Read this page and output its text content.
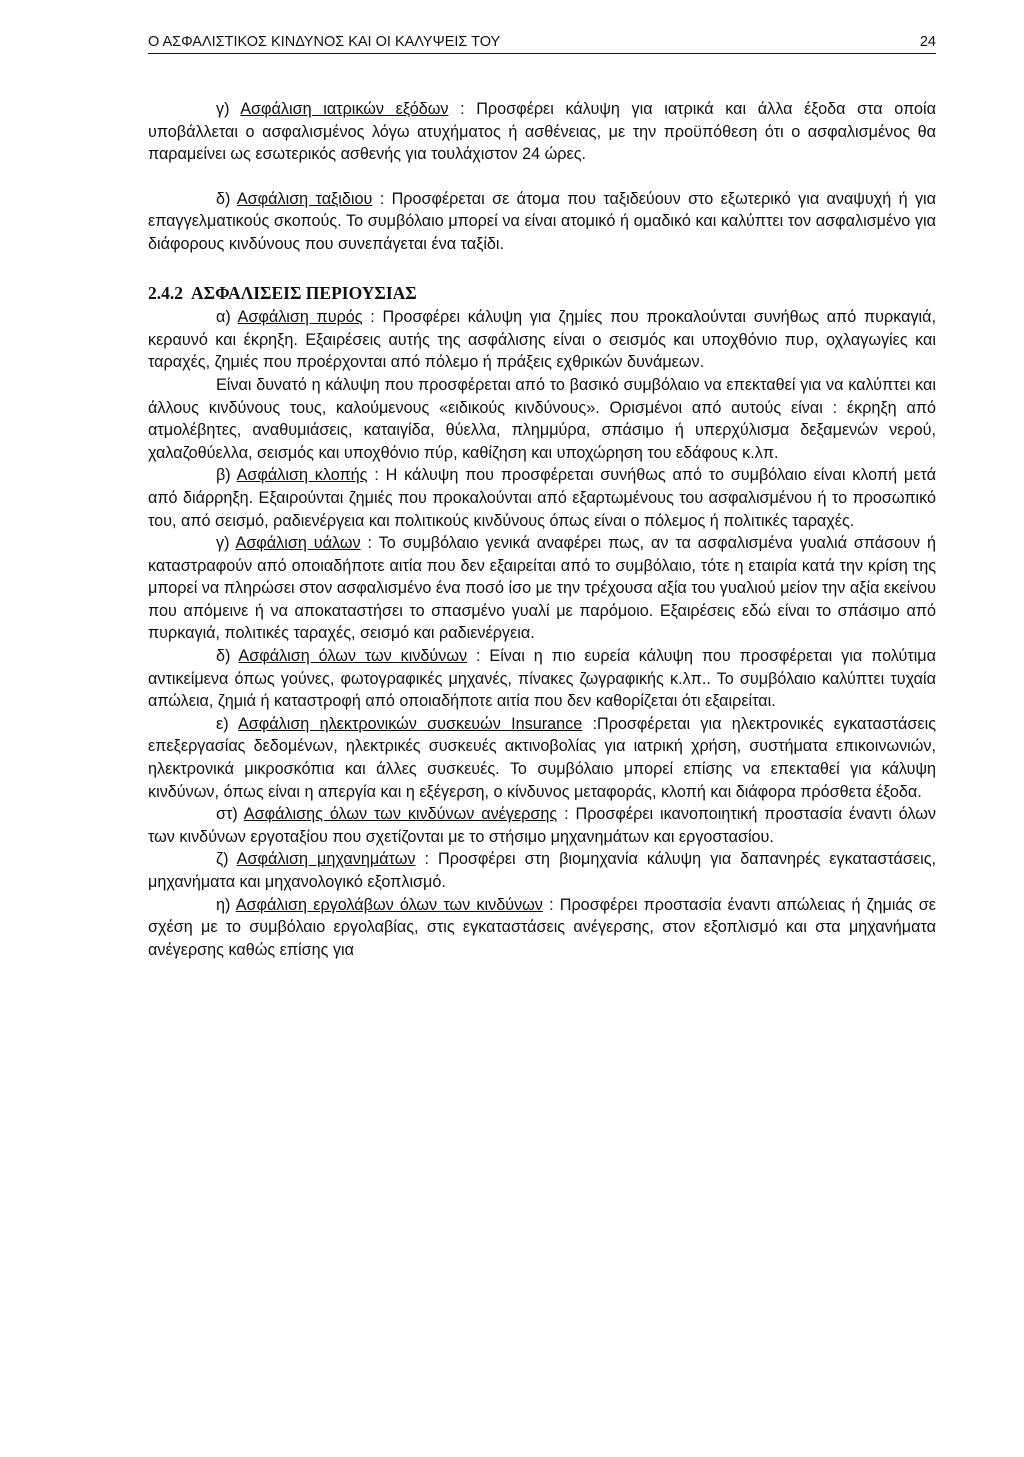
Ο ΑΣΦΑΛΙΣΤΙΚΟΣ ΚΙΝΔΥΝΟΣ ΚΑΙ ΟΙ ΚΑΛΥΨΕΙΣ ΤΟΥ	24

γ) Ασφάλιση ιατρικών εξόδων : Προσφέρει κάλυψη για ιατρικά και άλλα έξοδα στα οποία υποβάλλεται ο ασφαλισμένος λόγω ατυχήματος ή ασθένειας, με την προϋπόθεση ότι ο ασφαλισμένος θα παραμείνει ως εσωτερικός ασθενής για τουλάχιστον 24 ώρες.

δ) Ασφάλιση ταξιδιου : Προσφέρεται σε άτομα που ταξιδεύουν στο εξωτερικό για αναψυχή ή για επαγγελματικούς σκοπούς. Το συμβόλαιο μπορεί να είναι ατομικό ή ομαδικό και καλύπτει τον ασφαλισμένο για διάφορους κινδύνους που συνεπάγεται ένα ταξίδι.

2.4.2 ΑΣΦΑΛΙΣΕΙΣ ΠΕΡΙΟΥΣΙΑΣ

α) Ασφάλιση πυρός : Προσφέρει κάλυψη για ζημίες που προκαλούνται συνήθως από πυρκαγιά, κεραυνό και έκρηξη. Εξαιρέσεις αυτής της ασφάλισης είναι ο σεισμός και υποχθόνιο πυρ, οχλαγωγίες και ταραχές, ζημιές που προέρχονται από πόλεμο ή πράξεις εχθρικών δυνάμεων.

Είναι δυνατό η κάλυψη που προσφέρεται από το βασικό συμβόλαιο να επεκταθεί για να καλύπτει και άλλους κινδύνους τους, καλούμενους «ειδικούς κινδύνους». Ορισμένοι από αυτούς είναι : έκρηξη από ατμολέβητες, αναθυμιάσεις, καταιγίδα, θύελλα, πλημμύρα, σπάσιμο ή υπερχύλισμα δεξαμενών νερού, χαλαζοθύελλα, σεισμός και υποχθόνιο πύρ, καθίζηση και υποχώρηση του εδάφους κ.λπ.

β) Ασφάλιση κλοπής : Η κάλυψη που προσφέρεται συνήθως από το συμβόλαιο είναι κλοπή μετά από διάρρηξη. Εξαιρούνται ζημιές που προκαλούνται από εξαρτωμένους του ασφαλισμένου ή το προσωπικό του, από σεισμό, ραδιενέργεια και πολιτικούς κινδύνους όπως είναι ο πόλεμος ή πολιτικές ταραχές.

γ) Ασφάλιση υάλων : Το συμβόλαιο γενικά αναφέρει πως, αν τα ασφαλισμένα γυαλιά σπάσουν ή καταστραφούν από οποιαδήποτε αιτία που δεν εξαιρείται από το συμβόλαιο, τότε η εταιρία κατά την κρίση της μπορεί να πληρώσει στον ασφαλισμένο ένα ποσό ίσο με την τρέχουσα αξία του γυαλιού μείον την αξία εκείνου που απόμεινε ή να αποκαταστήσει το σπασμένο γυαλί με παρόμοιο. Εξαιρέσεις εδώ είναι το σπάσιμο από πυρκαγιά, πολιτικές ταραχές, σεισμό και ραδιενέργεια.

δ) Ασφάλιση όλων των κινδύνων : Είναι η πιο ευρεία κάλυψη που προσφέρεται για πολύτιμα αντικείμενα όπως γούνες, φωτογραφικές μηχανές, πίνακες ζωγραφικής κ.λπ.. Το συμβόλαιο καλύπτει τυχαία απώλεια, ζημιά ή καταστροφή από οποιαδήποτε αιτία που δεν καθορίζεται ότι εξαιρείται.

ε) Ασφάλιση ηλεκτρονικών συσκευών Insurance :Προσφέρεται για ηλεκτρονικές εγκαταστάσεις επεξεργασίας δεδομένων, ηλεκτρικές συσκευές ακτινοβολίας για ιατρική χρήση, συστήματα επικοινωνιών, ηλεκτρονικά μικροσκόπια και άλλες συσκευές. Το συμβόλαιο μπορεί επίσης να επεκταθεί για κάλυψη κινδύνων, όπως είναι η απεργία και η εξέγερση, ο κίνδυνος μεταφοράς, κλοπή και διάφορα πρόσθετα έξοδα.

στ) Ασφάλισης όλων των κινδύνων ανέγερσης : Προσφέρει ικανοποιητική προστασία έναντι όλων των κινδύνων εργοταξίου που σχετίζονται με το στήσιμο μηχανημάτων και εργοστασίου.

ζ) Ασφάλιση μηχανημάτων : Προσφέρει στη βιομηχανία κάλυψη για δαπανηρές εγκαταστάσεις, μηχανήματα και μηχανολογικό εξοπλισμό.

η) Ασφάλιση εργολάβων όλων των κινδύνων : Προσφέρει προστασία έναντι απώλειας ή ζημιάς σε σχέση με το συμβόλαιο εργολαβίας, στις εγκαταστάσεις ανέγερσης, στον εξοπλισμό και στα μηχανήματα ανέγερσης καθώς επίσης για
